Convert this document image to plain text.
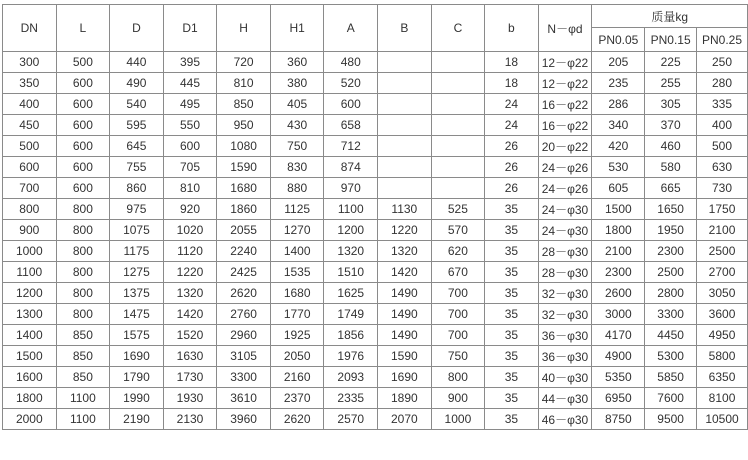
DN	L	D	D1	H	H1	A	B	C	b	N－φd	质量kg		
											PN0.05	PN0.15	PN0.25
300	500	440	395	720	360	480			18	12－φ22	205	225	250
350	600	490	445	810	380	520			18	12－φ22	235	255	280
400	600	540	495	850	405	600			24	16－φ22	286	305	335
450	600	595	550	950	430	658			24	16－φ22	340	370	400
500	600	645	600	1080	750	712			26	20－φ22	420	460	500
600	600	755	705	1590	830	874			26	24－φ26	530	580	630
700	600	860	810	1680	880	970			26	24－φ26	605	665	730
800	800	975	920	1860	1125	1100	1130	525	35	24－φ30	1500	1650	1750
900	800	1075	1020	2055	1270	1200	1220	570	35	24－φ30	1800	1950	2100
1000	800	1175	1120	2240	1400	1320	1320	620	35	28－φ30	2100	2300	2500
1100	800	1275	1220	2425	1535	1510	1420	670	35	28－φ30	2300	2500	2700
1200	800	1375	1320	2620	1680	1625	1490	700	35	32－φ30	2600	2800	3050
1300	800	1475	1420	2760	1770	1749	1490	700	35	32－φ30	3000	3300	3600
1400	850	1575	1520	2960	1925	1856	1490	700	35	36－φ30	4170	4450	4950
1500	850	1690	1630	3105	2050	1976	1590	750	35	36－φ30	4900	5300	5800
1600	850	1790	1730	3300	2160	2093	1690	800	35	40－φ30	5350	5850	6350
1800	1100	1990	1930	3610	2370	2335	1890	900	35	44－φ30	6950	7600	8100
2000	1100	2190	2130	3960	2620	2570	2070	1000	35	46－φ30	8750	9500	10500
